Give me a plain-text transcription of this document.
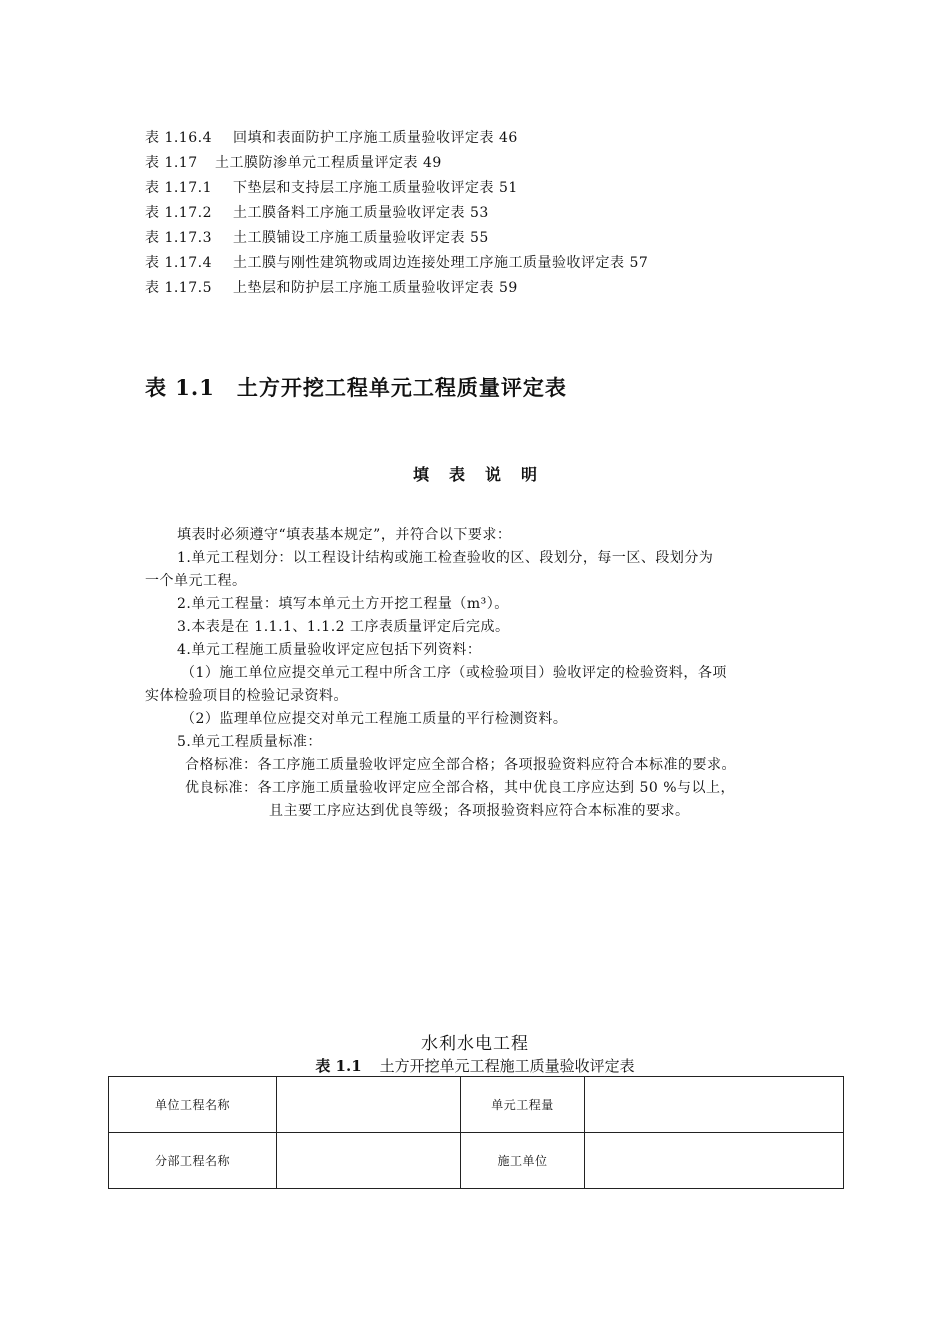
表 1.16.4 回填和表面防护工序施工质量验收评定表 46
表 1.17 土工膜防渗单元工程质量评定表 49
表 1.17.1 下垫层和支持层工序施工质量验收评定表 51
表 1.17.2 土工膜备料工序施工质量验收评定表 53
表 1.17.3 土工膜铺设工序施工质量验收评定表 55
表 1.17.4 土工膜与刚性建筑物或周边连接处理工序施工质量验收评定表 57
表 1.17.5 上垫层和防护层工序施工质量验收评定表 59
表 1.1 土方开挖工程单元工程质量评定表
填表说明
填表时必须遵守“填表基本规定”，并符合以下要求：
1.单元工程划分：以工程设计结构或施工检查验收的区、段划分，每一区、段划分为
一个单元工程。
2.单元工程量：填写本单元土方开挖工程量（m³）。
3.本表是在 1.1.1、1.1.2 工序表质量评定后完成。
4.单元工程施工质量验收评定应包括下列资料：
（1）施工单位应提交单元工程中所含工序（或检验项目）验收评定的检验资料，各项
实体检验项目的检验记录资料。
（2）监理单位应提交对单元工程施工质量的平行检测资料。
5.单元工程质量标准：
合格标准：各工序施工质量验收评定应全部合格；各项报验资料应符合本标准的要求。
优良标准：各工序施工质量验收评定应全部合格，其中优良工序应达到 50 %与以上，
且主要工序应达到优良等级；各项报验资料应符合本标准的要求。
水利水电工程
表 1.1 土方开挖单元工程施工质量验收评定表
单位工程名称		单元工程量	
分部工程名称		施工单位	
